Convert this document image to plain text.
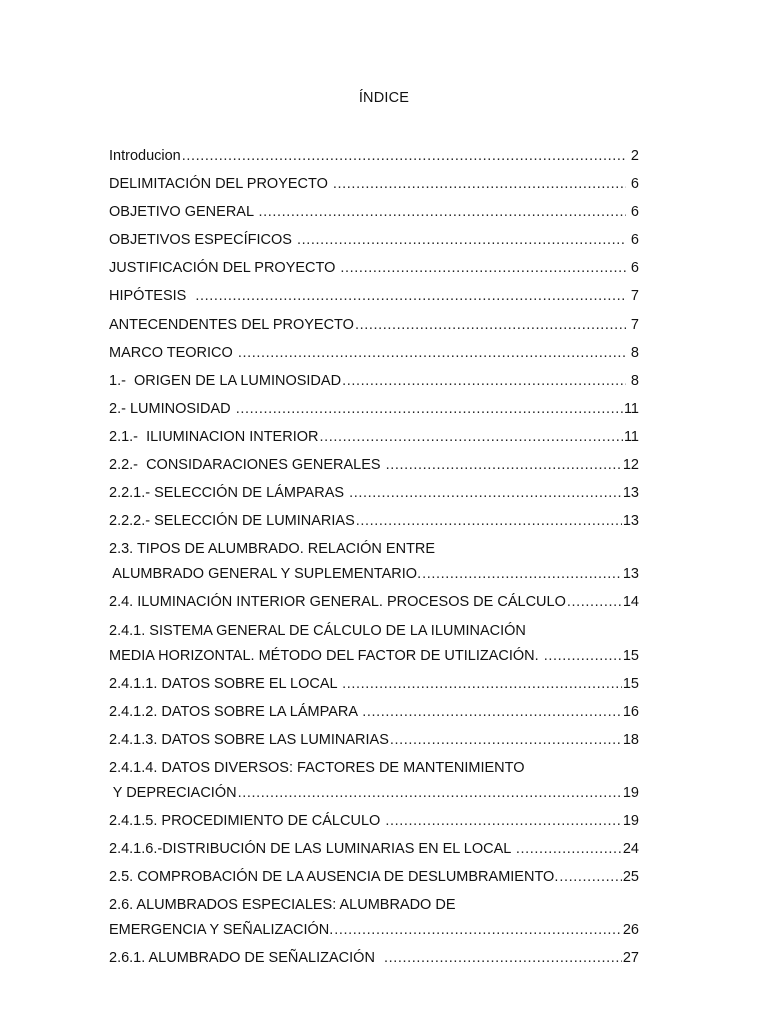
ÍNDICE
Introducion .....	2
DELIMITACIÓN DEL PROYECTO .....	6
OBJETIVO GENERAL .....	6
OBJETIVOS ESPECÍFICOS .....	6
JUSTIFICACIÓN DEL PROYECTO .....	6
HIPÓTESIS .....	7
ANTECENDENTES DEL PROYECTO .....	7
MARCO TEORICO .....	8
1.-  ORIGEN DE LA LUMINOSIDAD .....	8
2.- LUMINOSIDAD .....	11
2.1.-  ILIUMINACION INTERIOR .....	11
2.2.-  CONSIDARACIONES GENERALES .....	12
2.2.1.- SELECCIÓN DE LÁMPARAS .....	13
2.2.2.- SELECCIÓN DE LUMINARIAS .....	13
2.3. TIPOS DE ALUMBRADO. RELACIÓN ENTRE
ALUMBRADO GENERAL Y SUPLEMENTARIO. .....	13
2.4. ILUMINACIÓN INTERIOR GENERAL. PROCESOS DE CÁLCULO .....	14
2.4.1. SISTEMA GENERAL DE CÁLCULO DE LA ILUMINACIÓN
MEDIA HORIZONTAL. MÉTODO DEL FACTOR DE UTILIZACIÓN. .....	15
2.4.1.1. DATOS SOBRE EL LOCAL .....	15
2.4.1.2. DATOS SOBRE LA LÁMPARA .....	16
2.4.1.3. DATOS SOBRE LAS LUMINARIAS .....	18
2.4.1.4. DATOS DIVERSOS: FACTORES DE MANTENIMIENTO
Y DEPRECIACIÓN .....	19
2.4.1.5. PROCEDIMIENTO DE CÁLCULO .....	19
2.4.1.6.-DISTRIBUCIÓN DE LAS LUMINARIAS EN EL LOCAL .....	24
2.5. COMPROBACIÓN DE LA AUSENCIA DE DESLUMBRAMIENTO. .....	25
2.6. ALUMBRADOS ESPECIALES: ALUMBRADO DE
EMERGENCIA Y SEÑALIZACIÓN. .....	26
2.6.1. ALUMBRADO DE SEÑALIZACIÓN .....	27
